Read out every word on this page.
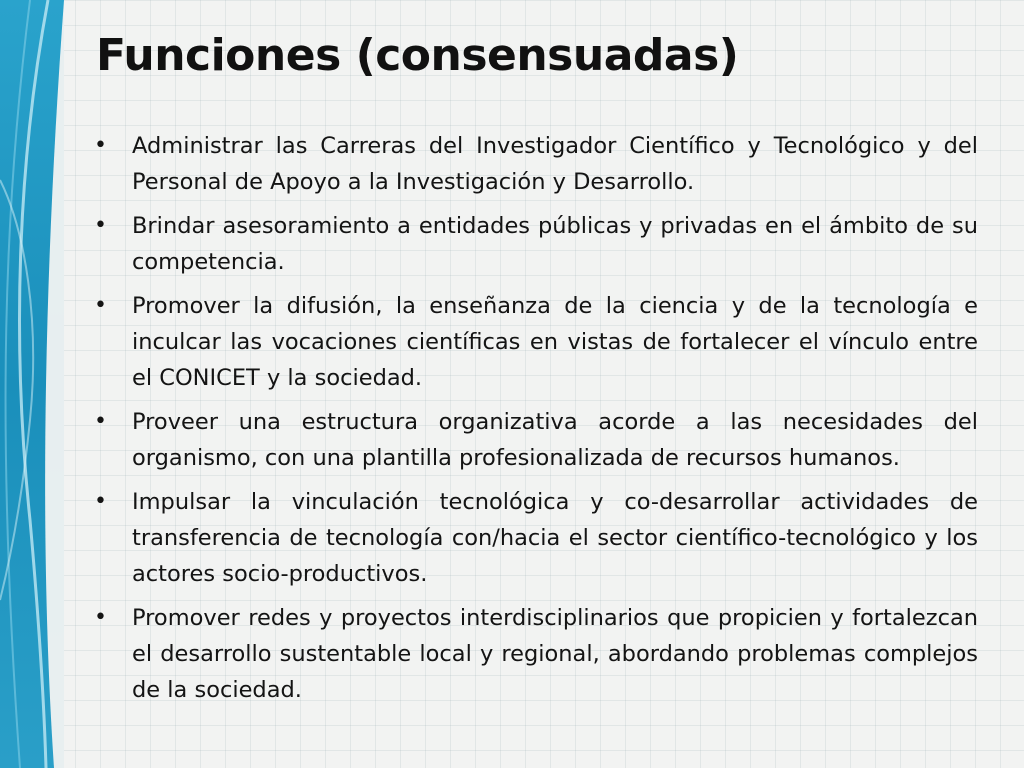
Funciones (consensuadas)
•	Administrar las Carreras del Investigador Científico y Tecnológico y del Personal de Apoyo a la Investigación y Desarrollo.
•	Brindar asesoramiento a entidades públicas y privadas en el ámbito de su competencia.
•	Promover la difusión, la enseñanza de la ciencia y de la tecnología e inculcar las vocaciones científicas en vistas de fortalecer el vínculo entre el CONICET y la sociedad.
•	Proveer una estructura organizativa acorde a las necesidades del organismo, con una plantilla profesionalizada de recursos humanos.
•	Impulsar la vinculación tecnológica y co-desarrollar actividades de transferencia de tecnología con/hacia el sector científico-tecnológico y los actores socio-productivos.
•	Promover redes y proyectos interdisciplinarios que propicien y fortalezcan el desarrollo sustentable local y regional, abordando problemas complejos de la sociedad.
